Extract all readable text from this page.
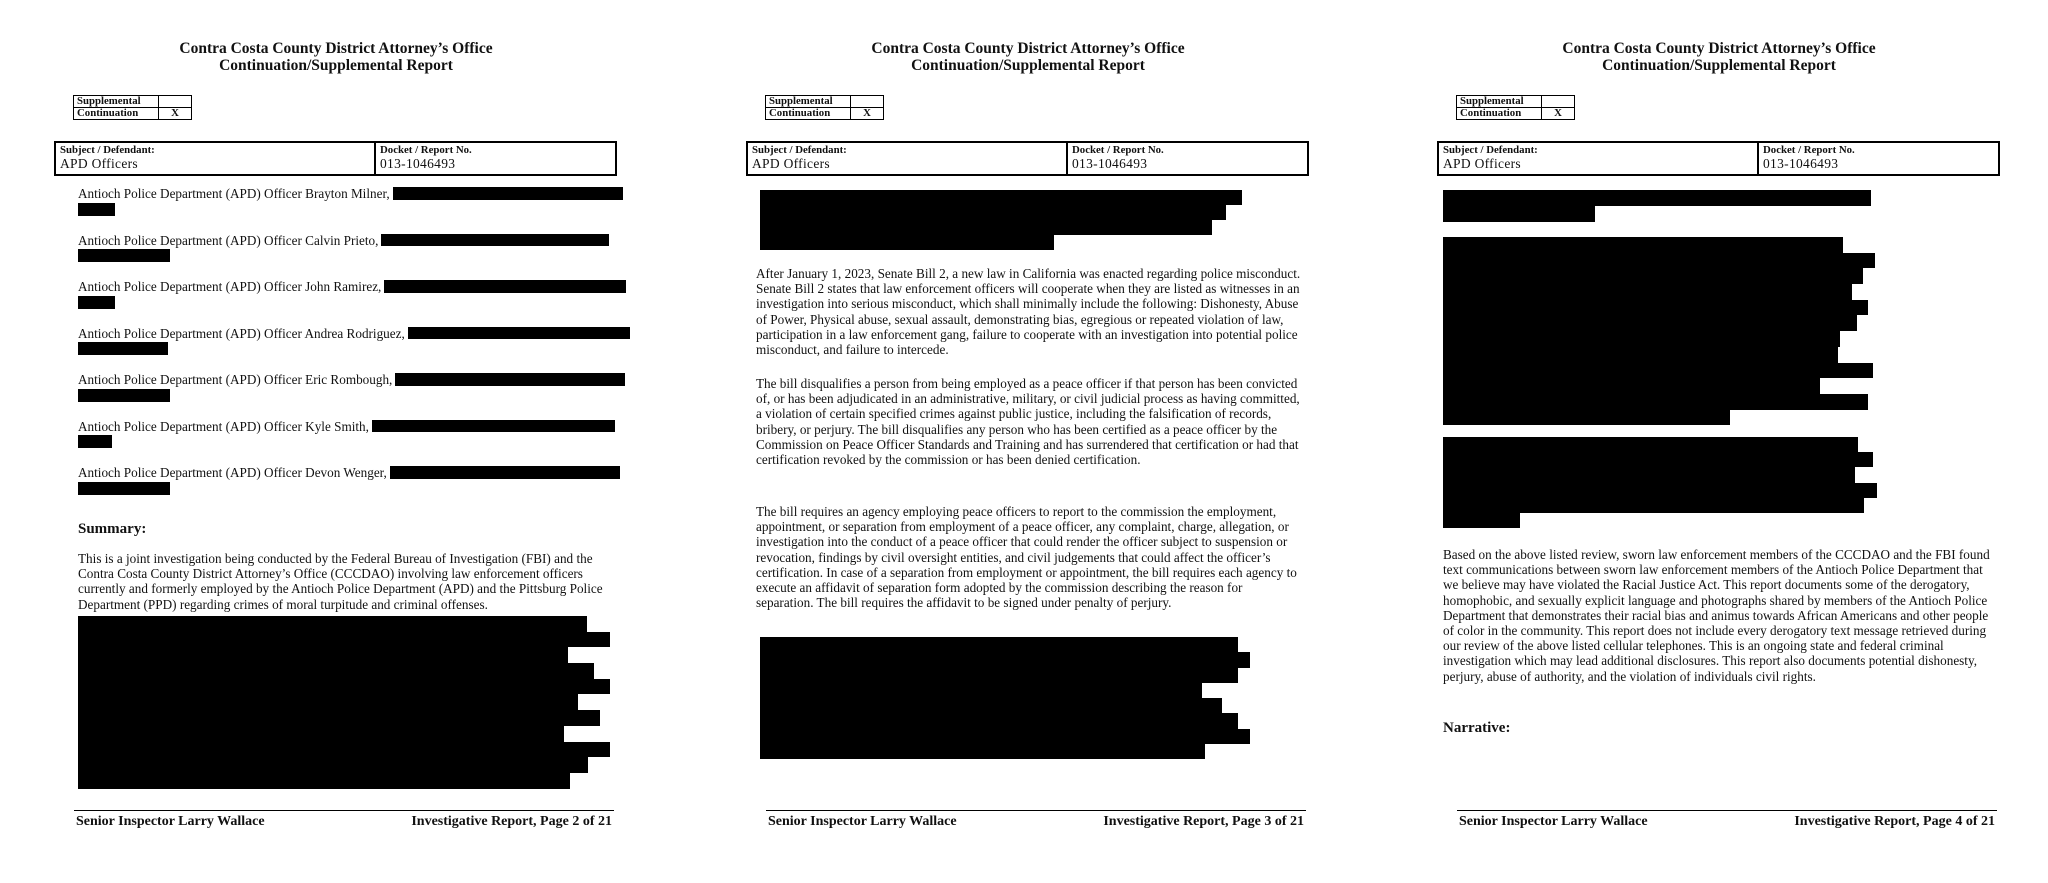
Contra Costa County District Attorney’s Office
Continuation/Supplemental Report
Supplemental	
Continuation	X
Subject / Defendant:
APD Officers
Docket / Report No.
013-1046493
Antioch Police Department (APD) Officer Brayton Milner,
Antioch Police Department (APD) Officer Calvin Prieto,
Antioch Police Department (APD) Officer John Ramirez,
Antioch Police Department (APD) Officer Andrea Rodriguez,
Antioch Police Department (APD) Officer Eric Rombough,
Antioch Police Department (APD) Officer Kyle Smith,
Antioch Police Department (APD) Officer Devon Wenger,
Summary:
This is a joint investigation being conducted by the Federal Bureau of Investigation (FBI) and the Contra Costa County District Attorney’s Office (CCCDAO) involving law enforcement officers currently and formerly employed by the Antioch Police Department (APD) and the Pittsburg Police Department (PPD) regarding crimes of moral turpitude and criminal offenses.
Senior Inspector Larry Wallace	Investigative Report, Page 2 of 21
Contra Costa County District Attorney’s Office
Continuation/Supplemental Report
Supplemental	
Continuation	X
Subject / Defendant:
APD Officers
Docket / Report No.
013-1046493
After January 1, 2023, Senate Bill 2, a new law in California was enacted regarding police misconduct. Senate Bill 2 states that law enforcement officers will cooperate when they are listed as witnesses in an investigation into serious misconduct, which shall minimally include the following: Dishonesty, Abuse of Power, Physical abuse, sexual assault, demonstrating bias, egregious or repeated violation of law, participation in a law enforcement gang, failure to cooperate with an investigation into potential police misconduct, and failure to intercede.
The bill disqualifies a person from being employed as a peace officer if that person has been convicted of, or has been adjudicated in an administrative, military, or civil judicial process as having committed, a violation of certain specified crimes against public justice, including the falsification of records, bribery, or perjury. The bill disqualifies any person who has been certified as a peace officer by the Commission on Peace Officer Standards and Training and has surrendered that certification or had that certification revoked by the commission or has been denied certification.
The bill requires an agency employing peace officers to report to the commission the employment, appointment, or separation from employment of a peace officer, any complaint, charge, allegation, or investigation into the conduct of a peace officer that could render the officer subject to suspension or revocation, findings by civil oversight entities, and civil judgements that could affect the officer’s certification. In case of a separation from employment or appointment, the bill requires each agency to execute an affidavit of separation form adopted by the commission describing the reason for separation. The bill requires the affidavit to be signed under penalty of perjury.
Senior Inspector Larry Wallace	Investigative Report, Page 3 of 21
Contra Costa County District Attorney’s Office
Continuation/Supplemental Report
Supplemental	
Continuation	X
Subject / Defendant:
APD Officers
Docket / Report No.
013-1046493
Based on the above listed review, sworn law enforcement members of the CCCDAO and the FBI found text communications between sworn law enforcement members of the Antioch Police Department that we believe may have violated the Racial Justice Act. This report documents some of the derogatory, homophobic, and sexually explicit language and photographs shared by members of the Antioch Police Department that demonstrates their racial bias and animus towards African Americans and other people of color in the community. This report does not include every derogatory text message retrieved during our review of the above listed cellular telephones. This is an ongoing state and federal criminal investigation which may lead additional disclosures. This report also documents potential dishonesty, perjury, abuse of authority, and the violation of individuals civil rights.
Narrative:
Senior Inspector Larry Wallace	Investigative Report, Page 4 of 21
